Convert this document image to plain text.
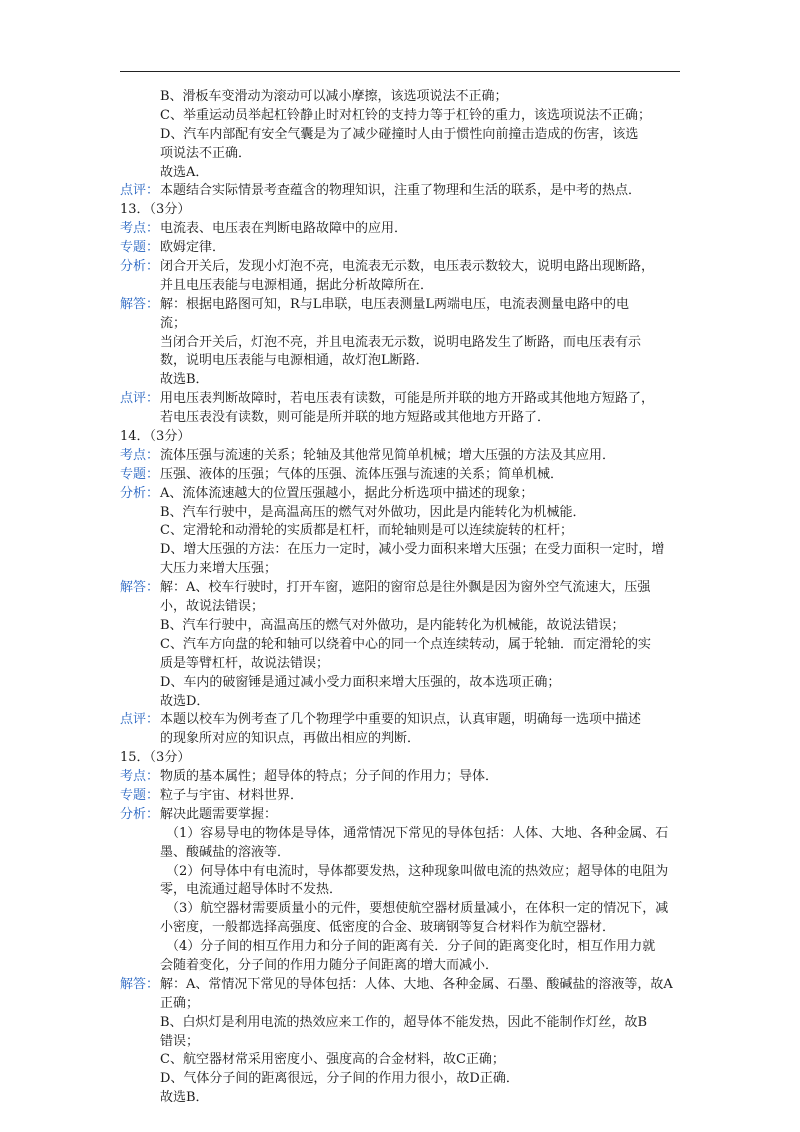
B、滑板车变滑动为滚动可以减小摩擦，该选项说法不正确；
C、举重运动员举起杠铃静止时对杠铃的支持力等于杠铃的重力，该选项说法不正确；
D、汽车内部配有安全气囊是为了减少碰撞时人由于惯性向前撞击造成的伤害，该选
项说法不正确．
故选A．
点评：本题结合实际情景考查蕴含的物理知识，注重了物理和生活的联系，是中考的热点．
13．（3分）
考点：电流表、电压表在判断电路故障中的应用．
专题：欧姆定律．
分析：闭合开关后，发现小灯泡不亮，电流表无示数，电压表示数较大，说明电路出现断路，
并且电压表能与电源相通，据此分析故障所在．
解答：解：根据电路图可知，R与L串联，电压表测量L两端电压，电流表测量电路中的电
流；
当闭合开关后，灯泡不亮，并且电流表无示数，说明电路发生了断路，而电压表有示
数，说明电压表能与电源相通，故灯泡L断路．
故选B．
点评：用电压表判断故障时，若电压表有读数，可能是所并联的地方开路或其他地方短路了，
若电压表没有读数，则可能是所并联的地方短路或其他地方开路了．
14．（3分）
考点：流体压强与流速的关系；轮轴及其他常见简单机械；增大压强的方法及其应用．
专题：压强、液体的压强；气体的压强、流体压强与流速的关系；简单机械．
分析：A、流体流速越大的位置压强越小，据此分析选项中描述的现象；
B、汽车行驶中，是高温高压的燃气对外做功，因此是内能转化为机械能．
C、定滑轮和动滑轮的实质都是杠杆，而轮轴则是可以连续旋转的杠杆；
D、增大压强的方法：在压力一定时，减小受力面积来增大压强；在受力面积一定时，增
大压力来增大压强；
解答：解：A、校车行驶时，打开车窗，遮阳的窗帘总是往外飘是因为窗外空气流速大，压强
小，故说法错误；
B、汽车行驶中，高温高压的燃气对外做功，是内能转化为机械能，故说法错误；
C、汽车方向盘的轮和轴可以绕着中心的同一个点连续转动，属于轮轴．而定滑轮的实
质是等臂杠杆，故说法错误；
D、车内的破窗锤是通过减小受力面积来增大压强的，故本选项正确；
故选D．
点评：本题以校车为例考查了几个物理学中重要的知识点，认真审题，明确每一选项中描述
的现象所对应的知识点，再做出相应的判断．
15．（3分）
考点：物质的基本属性；超导体的特点；分子间的作用力；导体．
专题：粒子与宇宙、材料世界．
分析：解决此题需要掌握：
（1）容易导电的物体是导体，通常情况下常见的导体包括：人体、大地、各种金属、石
墨、酸碱盐的溶液等．
（2）何导体中有电流时，导体都要发热，这种现象叫做电流的热效应；超导体的电阻为
零，电流通过超导体时不发热．
（3）航空器材需要质量小的元件，要想使航空器材质量减小，在体积一定的情况下，减
小密度，一般都选择高强度、低密度的合金、玻璃钢等复合材料作为航空器材．
（4）分子间的相互作用力和分子间的距离有关．分子间的距离变化时，相互作用力就
会随着变化，分子间的作用力随分子间距离的增大而减小．
解答：解：A、常情况下常见的导体包括：人体、大地、各种金属、石墨、酸碱盐的溶液等，故A
正确；
B、白炽灯是利用电流的热效应来工作的，超导体不能发热，因此不能制作灯丝，故B
错误；
C、航空器材常采用密度小、强度高的合金材料，故C正确；
D、气体分子间的距离很远，分子间的作用力很小，故D正确．
故选B．
